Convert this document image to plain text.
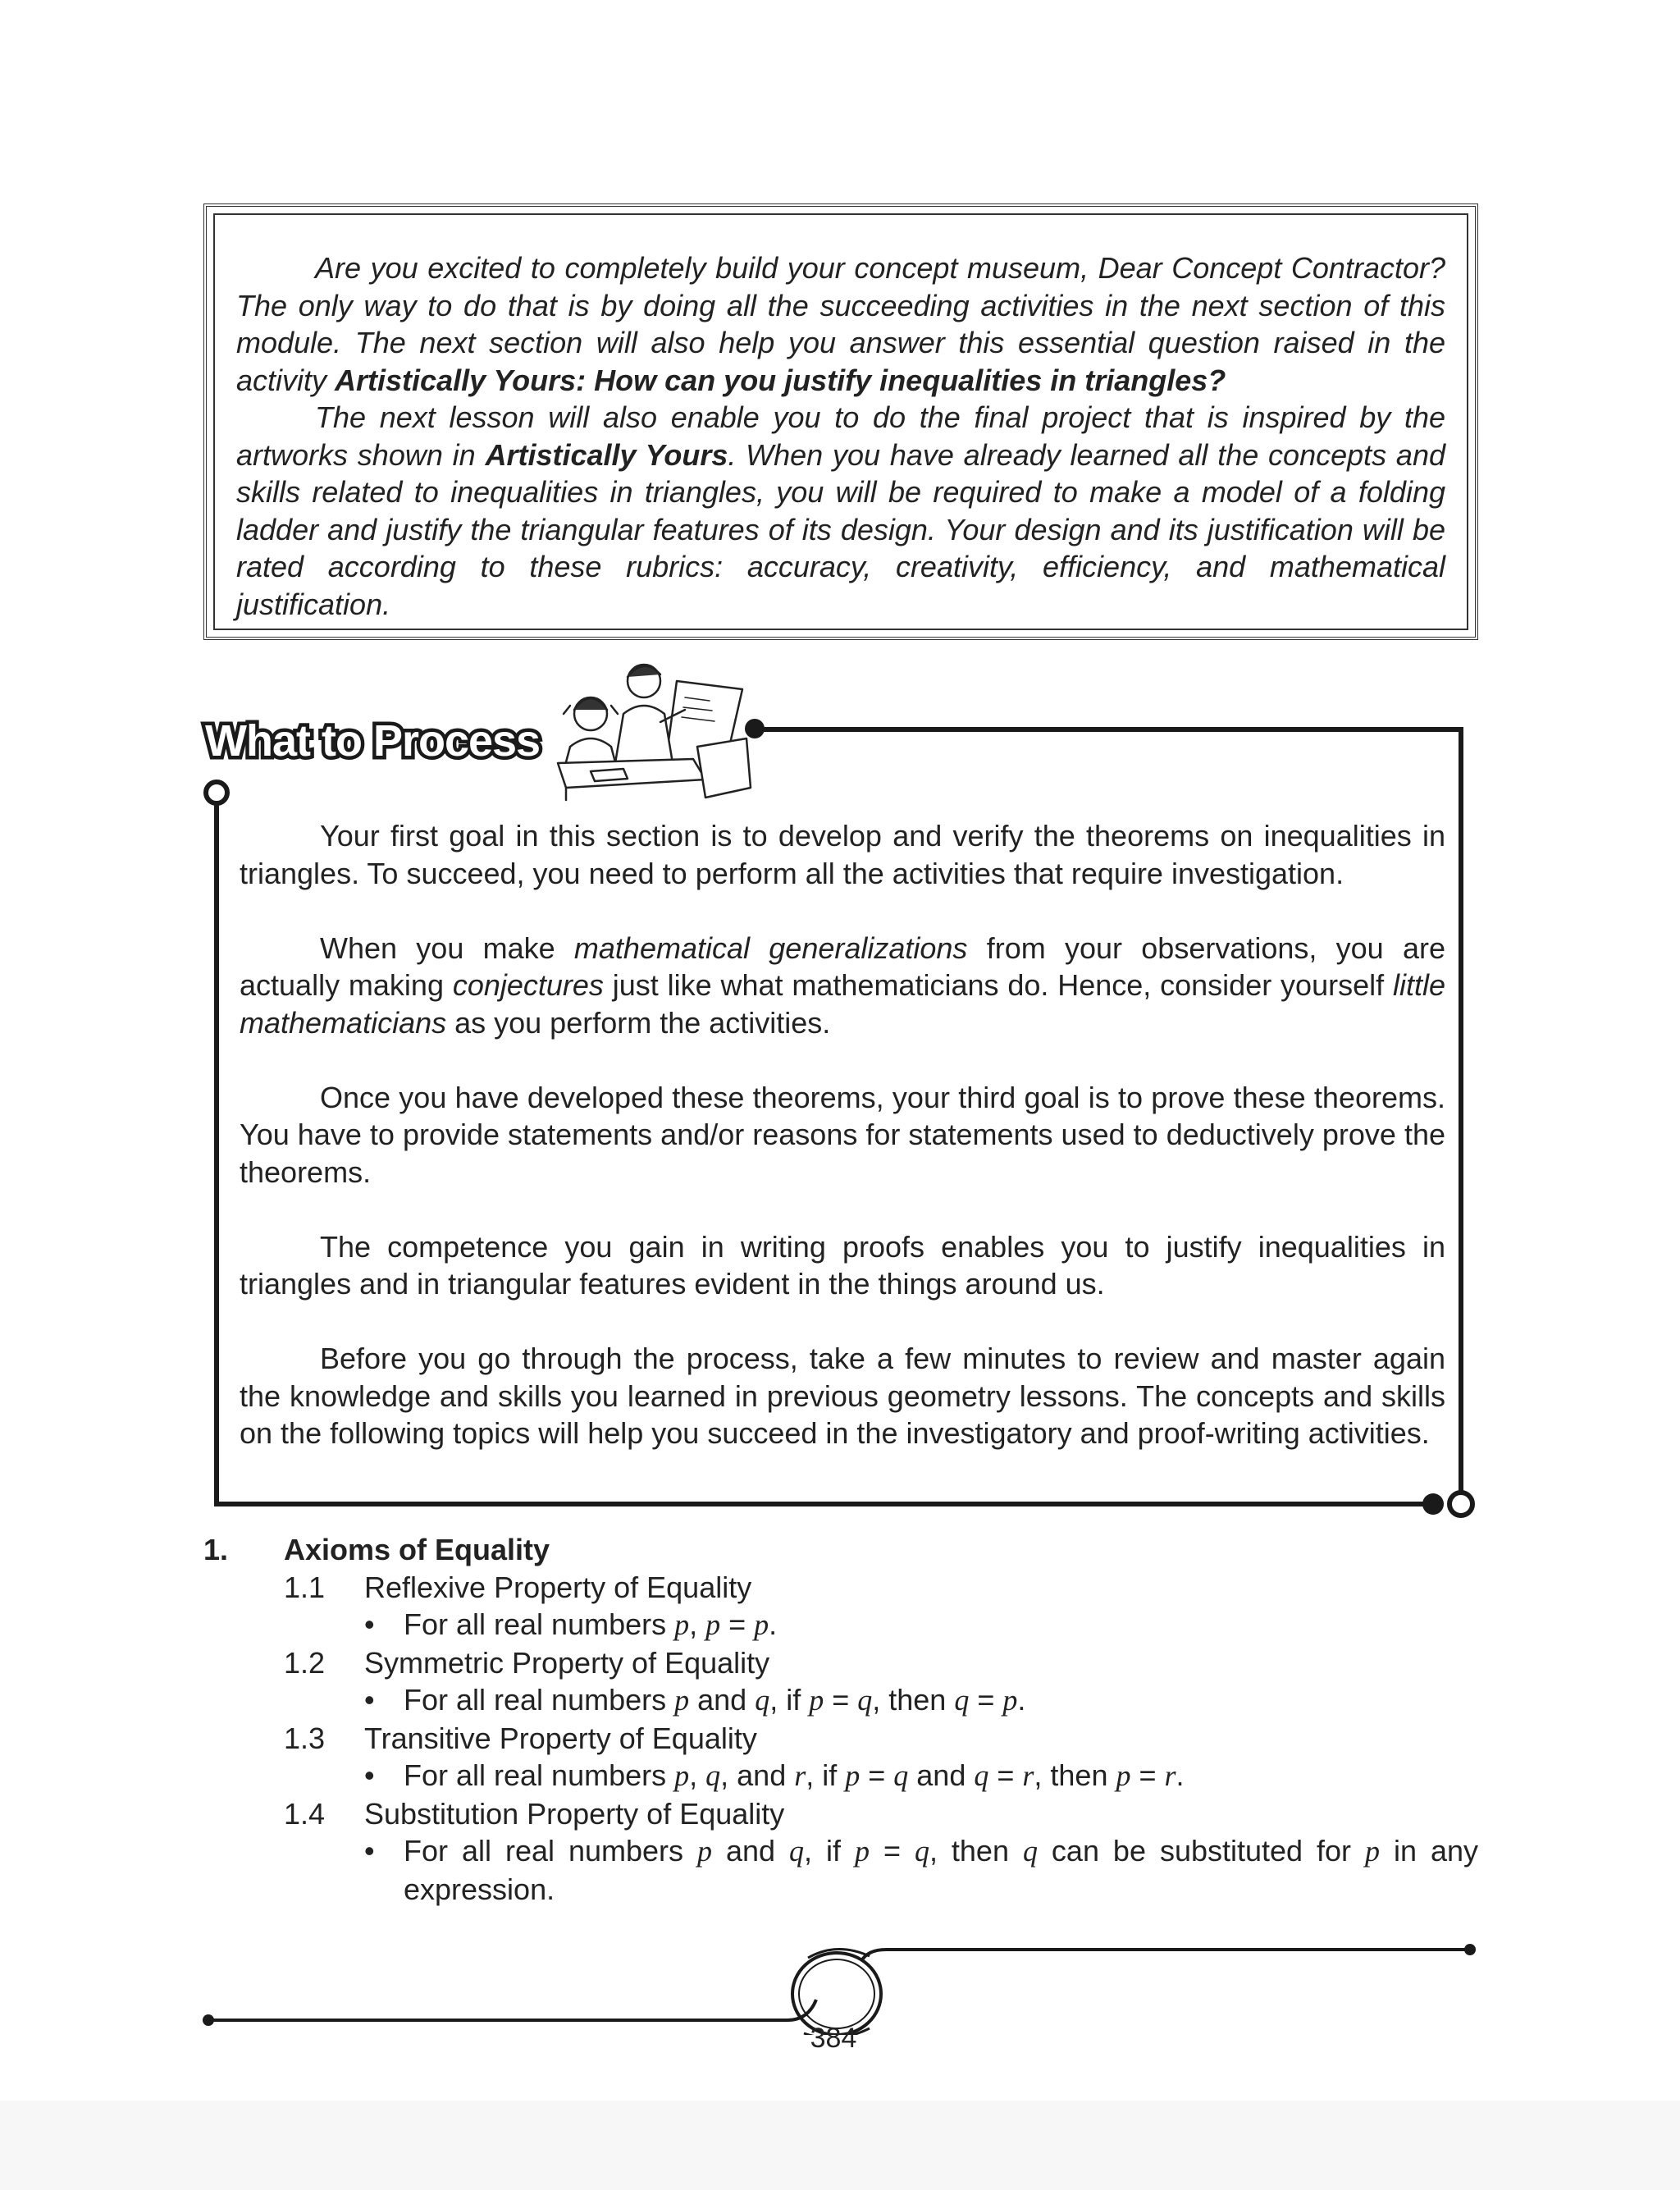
Are you excited to completely build your concept museum, Dear Concept Contractor? The only way to do that is by doing all the succeeding activities in the next section of this module. The next section will also help you answer this essential question raised in the activity Artistically Yours: How can you justify inequalities in triangles?

The next lesson will also enable you to do the final project that is inspired by the artworks shown in Artistically Yours. When you have already learned all the concepts and skills related to inequalities in triangles, you will be required to make a model of a folding ladder and justify the triangular features of its design. Your design and its justification will be rated according to these rubrics: accuracy, creativity, efficiency, and mathematical justification.

What to Process

Your first goal in this section is to develop and verify the theorems on inequalities in triangles. To succeed, you need to perform all the activities that require investigation.

When you make mathematical generalizations from your observations, you are actually making conjectures just like what mathematicians do. Hence, consider yourself little mathematicians as you perform the activities.

Once you have developed these theorems, your third goal is to prove these theorems. You have to provide statements and/or reasons for statements used to deductively prove the theorems.

The competence you gain in writing proofs enables you to justify inequalities in triangles and in triangular features evident in the things around us.

Before you go through the process, take a few minutes to review and master again the knowledge and skills you learned in previous geometry lessons. The concepts and skills on the following topics will help you succeed in the investigatory and proof-writing activities.

1.	Axioms of Equality
1.1	Reflexive Property of Equality
• For all real numbers p, p = p.
1.2	Symmetric Property of Equality
• For all real numbers p and q, if p = q, then q = p.
1.3	Transitive Property of Equality
• For all real numbers p, q, and r, if p = q and q = r, then p = r.
1.4	Substitution Property of Equality
• For all real numbers p and q, if p = q, then q can be substituted for p in any expression.
384
